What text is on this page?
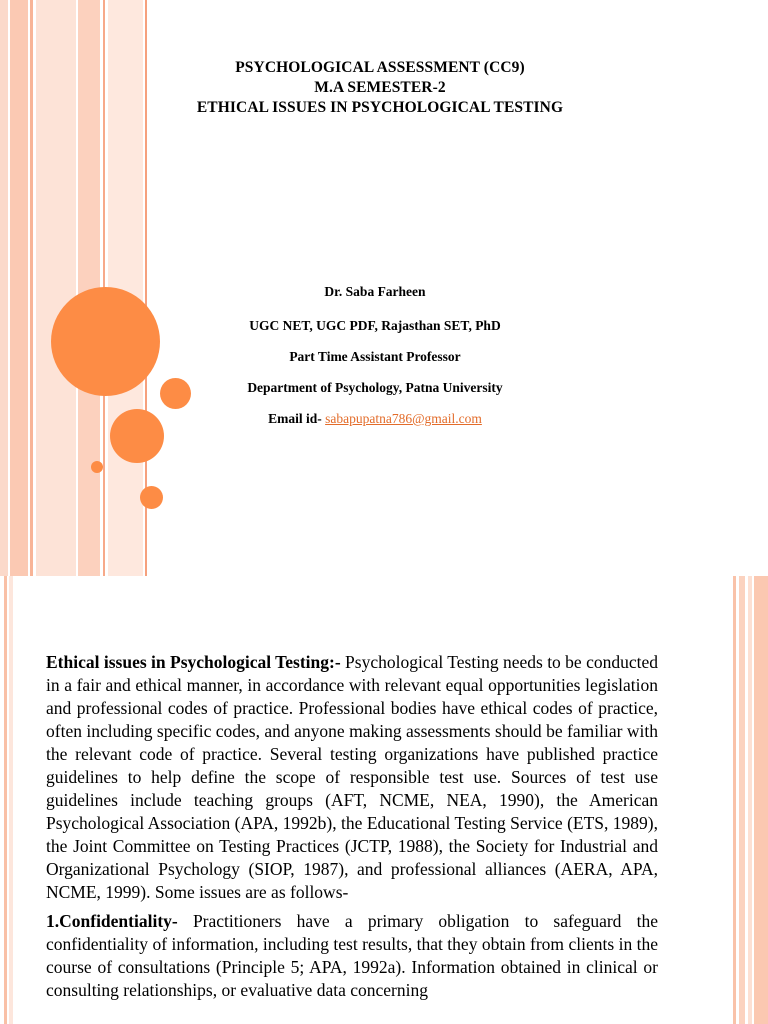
PSYCHOLOGICAL ASSESSMENT (CC9)
M.A SEMESTER-2
ETHICAL ISSUES IN PSYCHOLOGICAL TESTING
Dr. Saba Farheen
UGC NET, UGC PDF, Rajasthan SET, PhD
Part Time Assistant Professor
Department of Psychology, Patna University
Email id- sabapupatna786@gmail.com

Ethical issues in Psychological Testing:- Psychological Testing needs to be conducted in a fair and ethical manner, in accordance with relevant equal opportunities legislation and professional codes of practice. Professional bodies have ethical codes of practice, often including specific codes, and anyone making assessments should be familiar with the relevant code of practice. Several testing organizations have published practice guidelines to help define the scope of responsible test use. Sources of test use guidelines include teaching groups (AFT, NCME, NEA, 1990), the American Psychological Association (APA, 1992b), the Educational Testing Service (ETS, 1989), the Joint Committee on Testing Practices (JCTP, 1988), the Society for Industrial and Organizational Psychology (SIOP, 1987), and professional alliances (AERA, APA, NCME, 1999). Some issues are as follows-

1.Confidentiality- Practitioners have a primary obligation to safeguard the confidentiality of information, including test results, that they obtain from clients in the course of consultations (Principle 5; APA, 1992a). Information obtained in clinical or consulting relationships, or evaluative data concerning
